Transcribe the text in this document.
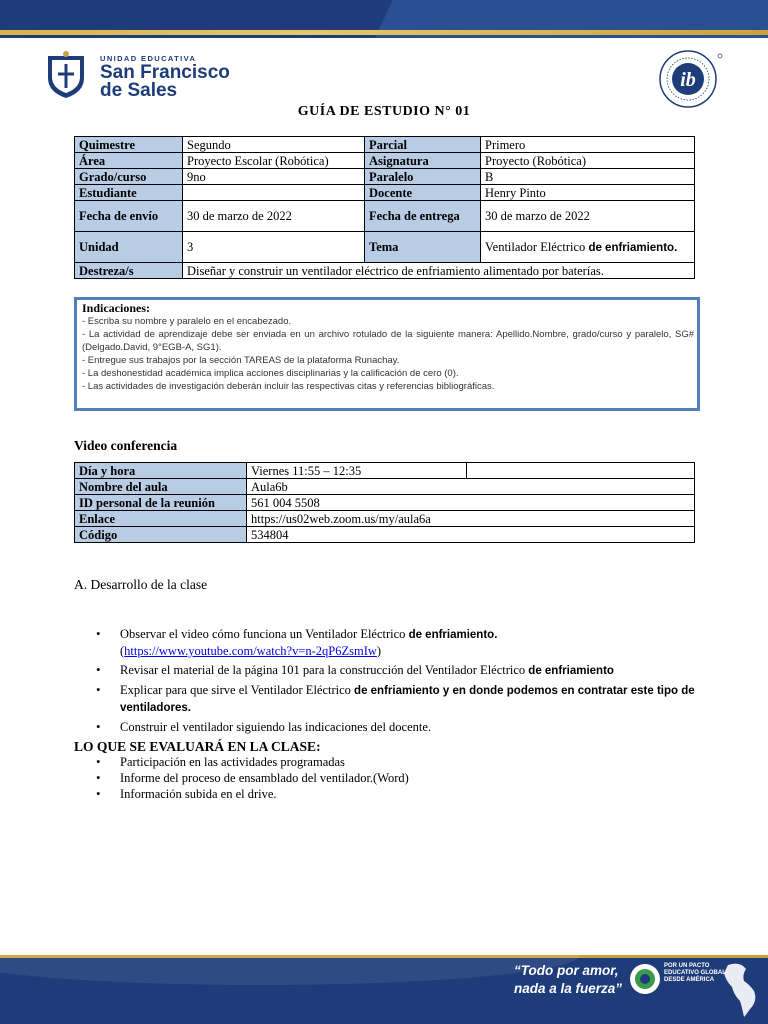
UNIDAD EDUCATIVA
San Francisco
de Sales	ib
GUÍA DE ESTUDIO N° 01
Quimestre	Segundo	Parcial	Primero
Área	Proyecto Escolar (Robótica)	Asignatura	Proyecto (Robótica)
Grado/curso	9no	Paralelo	B
Estudiante		Docente	Henry Pinto
Fecha de envío	30 de marzo de 2022	Fecha de entrega	30 de marzo de 2022
Unidad	3	Tema	Ventilador Eléctrico de enfriamiento.
Destreza/s	Diseñar y construir un ventilador eléctrico de enfriamiento alimentado por baterías.		
Indicaciones:
- Escriba su nombre y paralelo en el encabezado.
- La actividad de aprendizaje debe ser enviada en un archivo rotulado de la siguiente manera: Apellido.Nombre, grado/curso y paralelo, SG# (Delgado.David, 9°EGB-A, SG1).
- Entregue sus trabajos por la sección TAREAS de la plataforma Runachay.
- La deshonestidad académica implica acciones disciplinarias y la calificación de cero (0).
- Las actividades de investigación deberán incluir las respectivas citas y referencias bibliográficas.
Video conferencia
Día y hora	Viernes 11:55 – 12:35	
Nombre del aula	Aula6b	
ID personal de la reunión	561 004 5508	
Enlace	https://us02web.zoom.us/my/aula6a	
Código	534804	
A. Desarrollo de la clase
• Observar el video cómo funciona un Ventilador Eléctrico de enfriamiento.
(https://www.youtube.com/watch?v=n-2qP6ZsmIw)
• Revisar el material de la página 101 para la construcción del Ventilador Eléctrico de enfriamiento
• Explicar para que sirve el Ventilador Eléctrico de enfriamiento y en donde podemos en contratar este tipo de ventiladores.
• Construir el ventilador siguiendo las indicaciones del docente.
LO QUE SE EVALUARÁ EN LA CLASE:
• Participación en las actividades programadas
• Informe del proceso de ensamblado del ventilador.(Word)
• Información subida en el drive.
“Todo por amor,
nada a la fuerza”
POR UN PACTO
EDUCATIVO GLOBAL
DESDE AMÉRICA
